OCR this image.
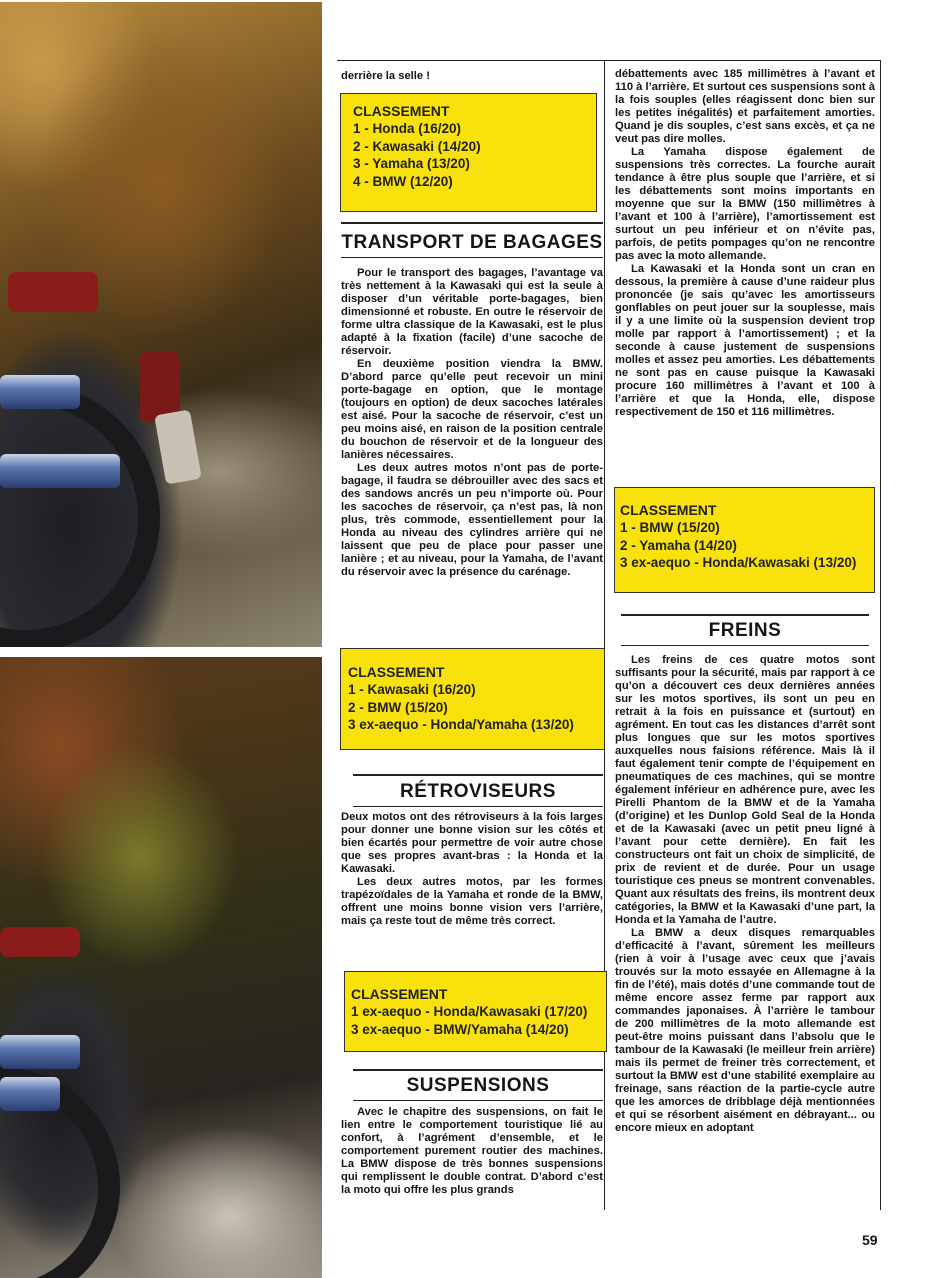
derrière la selle !

CLASSEMENT
1 - Honda (16/20)
2 - Kawasaki (14/20)
3 - Yamaha (13/20)
4 - BMW (12/20)
TRANSPORT DE BAGAGES

Pour le transport des bagages, l’avantage va très nettement à la Kawasaki qui est la seule à disposer d’un véritable porte-bagages, bien dimensionné et robuste. En outre le réservoir de forme ultra classique de la Kawasaki, est le plus adapté à la fixation (facile) d’une sacoche de réservoir.

En deuxième position viendra la BMW. D’abord parce qu’elle peut recevoir un mini porte-bagage en option, que le montage (toujours en option) de deux sacoches latérales est aisé. Pour la sacoche de réservoir, c’est un peu moins aisé, en raison de la position centrale du bouchon de réservoir et de la longueur des lanières nécessaires.

Les deux autres motos n’ont pas de porte-bagage, il faudra se débrouiller avec des sacs et des sandows ancrés un peu n’importe où. Pour les sacoches de réservoir, ça n’est pas, là non plus, très commode, essentiellement pour la Honda au niveau des cylindres arrière qui ne laissent que peu de place pour passer une lanière ; et au niveau, pour la Yamaha, de l’avant du réservoir avec la présence du carénage.

CLASSEMENT
1 - Kawasaki (16/20)
2 - BMW (15/20)
3 ex-aequo - Honda/Yamaha (13/20)
RÉTROVISEURS

Deux motos ont des rétroviseurs à la fois larges pour donner une bonne vision sur les côtés et bien écartés pour permettre de voir autre chose que ses propres avant-bras : la Honda et la Kawasaki.

Les deux autres motos, par les formes trapézoïdales de la Yamaha et ronde de la BMW, offrent une moins bonne vision vers l’arrière, mais ça reste tout de même très correct.

CLASSEMENT
1 ex-aequo - Honda/Kawasaki (17/20)
3 ex-aequo - BMW/Yamaha (14/20)
SUSPENSIONS

Avec le chapitre des suspensions, on fait le lien entre le comportement touristique lié au confort, à l’agrément d’ensemble, et le comportement purement routier des machines. La BMW dispose de très bonnes suspensions qui remplissent le double contrat. D’abord c’est la moto qui offre les plus grands

débattements avec 185 millimètres à l’avant et 110 à l’arrière. Et surtout ces suspensions sont à la fois souples (elles réagissent donc bien sur les petites inégalités) et parfaitement amorties. Quand je dis souples, c’est sans excès, et ça ne veut pas dire molles.

La Yamaha dispose également de suspensions très correctes. La fourche aurait tendance à être plus souple que l’arrière, et si les débattements sont moins importants en moyenne que sur la BMW (150 millimètres à l’avant et 100 à l’arrière), l’amortissement est surtout un peu inférieur et on n’évite pas, parfois, de petits pompages qu’on ne rencontre pas avec la moto allemande.

La Kawasaki et la Honda sont un cran en dessous, la première à cause d’une raideur plus prononcée (je sais qu’avec les amortisseurs gonflables on peut jouer sur la souplesse, mais il y a une limite où la suspension devient trop molle par rapport à l’amortissement) ; et la seconde à cause justement de suspensions molles et assez peu amorties. Les débattements ne sont pas en cause puisque la Kawasaki procure 160 millimètres à l’avant et 100 à l’arrière et que la Honda, elle, dispose respectivement de 150 et 116 millimètres.

CLASSEMENT
1 - BMW (15/20)
2 - Yamaha (14/20)
3 ex-aequo - Honda/Kawasaki (13/20)
FREINS

Les freins de ces quatre motos sont suffisants pour la sécurité, mais par rapport à ce qu’on a découvert ces deux dernières années sur les motos sportives, ils sont un peu en retrait à la fois en puissance et (surtout) en agrément. En tout cas les distances d’arrêt sont plus longues que sur les motos sportives auxquelles nous faisions référence. Mais là il faut également tenir compte de l’équipement en pneumatiques de ces machines, qui se montre également inférieur en adhérence pure, avec les Pirelli Phantom de la BMW et de la Yamaha (d’origine) et les Dunlop Gold Seal de la Honda et de la Kawasaki (avec un petit pneu ligné à l’avant pour cette dernière). En fait les constructeurs ont fait un choix de simplicité, de prix de revient et de durée. Pour un usage touristique ces pneus se montrent convenables. Quant aux résultats des freins, ils montrent deux catégories, la BMW et la Kawasaki d’une part, la Honda et la Yamaha de l’autre.

La BMW a deux disques remarquables d’efficacité à l’avant, sûrement les meilleurs (rien à voir à l’usage avec ceux que j’avais trouvés sur la moto essayée en Allemagne à la fin de l’été), mais dotés d’une commande tout de même encore assez ferme par rapport aux commandes japonaises. À l’arrière le tambour de 200 millimètres de la moto allemande est peut-être moins puissant dans l’absolu que le tambour de la Kawasaki (le meilleur frein arrière) mais ils permet de freiner très correctement, et surtout la BMW est d’une stabilité exemplaire au freinage, sans réaction de la partie-cycle autre que les amorces de dribblage déjà mentionnées et qui se résorbent aisément en débrayant... ou encore mieux en adoptant

59
